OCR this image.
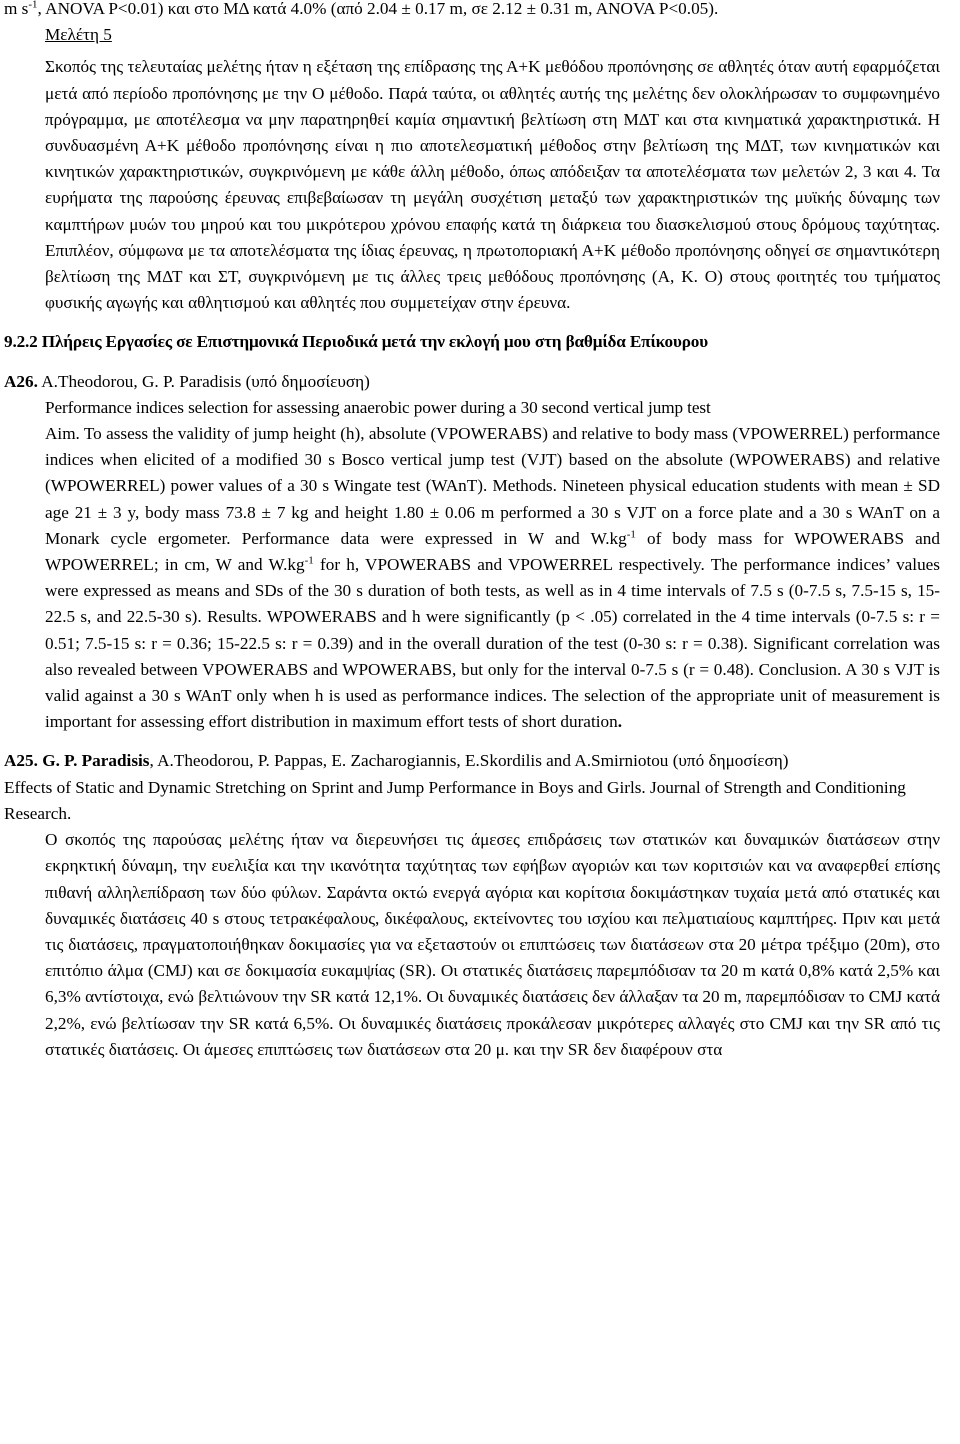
m $s^{-1}$, ANOVA P<0.01) και στο ΜΔ κατά 4.0% (από 2.04 ± 0.17 m, σε 2.12 ± 0.31 m, ANOVA P<0.05).

Μελέτη 5

Σκοπός της τελευταίας μελέτης ήταν η εξέταση της επίδρασης της Α+Κ μεθόδου προπόνησης σε αθλητές όταν αυτή εφαρμόζεται μετά από περίοδο προπόνησης με την Ο μέθοδο. Παρά ταύτα, οι αθλητές αυτής της μελέτης δεν ολοκλήρωσαν το συμφωνημένο πρόγραμμα, με αποτέλεσμα να μην παρατηρηθεί καμία σημαντική βελτίωση στη ΜΔΤ και στα κινηματικά χαρακτηριστικά. Η συνδυασμένη Α+Κ μέθοδο προπόνησης είναι η πιο αποτελεσματική μέθοδος στην βελτίωση της ΜΔΤ, των κινηματικών και κινητικών χαρακτηριστικών, συγκρινόμενη με κάθε άλλη μέθοδο, όπως απόδειξαν τα αποτελέσματα των μελετών 2, 3 και 4. Τα ευρήματα της παρούσης έρευνας επιβεβαίωσαν τη μεγάλη συσχέτιση μεταξύ των χαρακτηριστικών της μυϊκής δύναμης των καμπτήρων μυών του μηρού και του μικρότερου χρόνου επαφής κατά τη διάρκεια του διασκελισμού στους δρόμους ταχύτητας. Επιπλέον, σύμφωνα με τα αποτελέσματα της ίδιας έρευνας, η πρωτοποριακή Α+Κ μέθοδο προπόνησης οδηγεί σε σημαντικότερη βελτίωση της ΜΔΤ και ΣΤ, συγκρινόμενη με τις άλλες τρεις μεθόδους προπόνησης (Α, Κ. Ο) στους φοιτητές του τμήματος φυσικής αγωγής και αθλητισμού και αθλητές που συμμετείχαν στην έρευνα.

9.2.2 Πλήρεις Εργασίες σε Επιστημονικά Περιοδικά μετά την εκλογή μου στη βαθμίδα Επίκουρου

A26. A.Theodorou, G. P. Paradisis (υπό δημοσίευση)

Performance indices selection for assessing anaerobic power during a 30 second vertical jump test

Aim. To assess the validity of jump height (h), absolute (VPOWERABS) and relative to body mass (VPOWERREL) performance indices when elicited of a modified 30 s Bosco vertical jump test (VJT) based on the absolute (WPOWERABS) and relative (WPOWERREL) power values of a 30 s Wingate test (WAnT). Methods. Nineteen physical education students with mean ± SD age 21 ± 3 y, body mass 73.8 ± 7 kg and height 1.80 ± 0.06 m performed a 30 s VJT on a force plate and a 30 s WAnT on a Monark cycle ergometer. Performance data were expressed in W and $W.kg^{-1}$ of body mass for WPOWERABS and WPOWERREL; in cm, W and $W.kg^{-1}$ for h, VPOWERABS and VPOWERREL respectively. The performance indices’ values were expressed as means and SDs of the 30 s duration of both tests, as well as in 4 time intervals of 7.5 s (0-7.5 s, 7.5-15 s, 15-22.5 s, and 22.5-30 s). Results. WPOWERABS and h were significantly (p < .05) correlated in the 4 time intervals (0-7.5 s: r = 0.51; 7.5-15 s: r = 0.36; 15-22.5 s: r = 0.39) and in the overall duration of the test (0-30 s: r = 0.38). Significant correlation was also revealed between VPOWERABS and WPOWERABS, but only for the interval 0-7.5 s (r = 0.48). Conclusion. A 30 s VJT is valid against a 30 s WAnT only when h is used as performance indices. The selection of the appropriate unit of measurement is important for assessing effort distribution in maximum effort tests of short duration.

A25. G. P. Paradisis, A.Theodorou, P. Pappas, E. Zacharogiannis, E.Skordilis and A.Smirniotou (υπό δημοσίεση)

Effects of Static and Dynamic Stretching on Sprint and Jump Performance in Boys and Girls. Journal of Strength and Conditioning Research.

Ο σκοπός της παρούσας μελέτης ήταν να διερευνήσει τις άμεσες επιδράσεις των στατικών και δυναμικών διατάσεων στην εκρηκτική δύναμη, την ευελιξία και την ικανότητα ταχύτητας των εφήβων αγοριών και των κοριτσιών και να αναφερθεί επίσης πιθανή αλληλεπίδραση των δύο φύλων. Σαράντα οκτώ ενεργά αγόρια και κορίτσια δοκιμάστηκαν τυχαία μετά από στατικές και δυναμικές διατάσεις 40 s στους τετρακέφαλους, δικέφαλους, εκτείνοντες του ισχίου και πελματιαίους καμπτήρες. Πριν και μετά τις διατάσεις, πραγματοποιήθηκαν δοκιμασίες για να εξεταστούν οι επιπτώσεις των διατάσεων στα 20 μέτρα τρέξιμο (20m), στο επιτόπιο άλμα (CMJ) και σε δοκιμασία ευκαμψίας (SR). Οι στατικές διατάσεις παρεμπόδισαν τα 20 m κατά 0,8% κατά 2,5% και 6,3% αντίστοιχα, ενώ βελτιώνουν την SR κατά 12,1%. Οι δυναμικές διατάσεις δεν άλλαξαν τα 20 m, παρεμπόδισαν το CMJ κατά 2,2%, ενώ βελτίωσαν την SR κατά 6,5%. Οι δυναμικές διατάσεις προκάλεσαν μικρότερες αλλαγές στο CMJ και την SR από τις στατικές διατάσεις. Οι άμεσες επιπτώσεις των διατάσεων στα 20 μ. και την SR δεν διαφέρουν στα
